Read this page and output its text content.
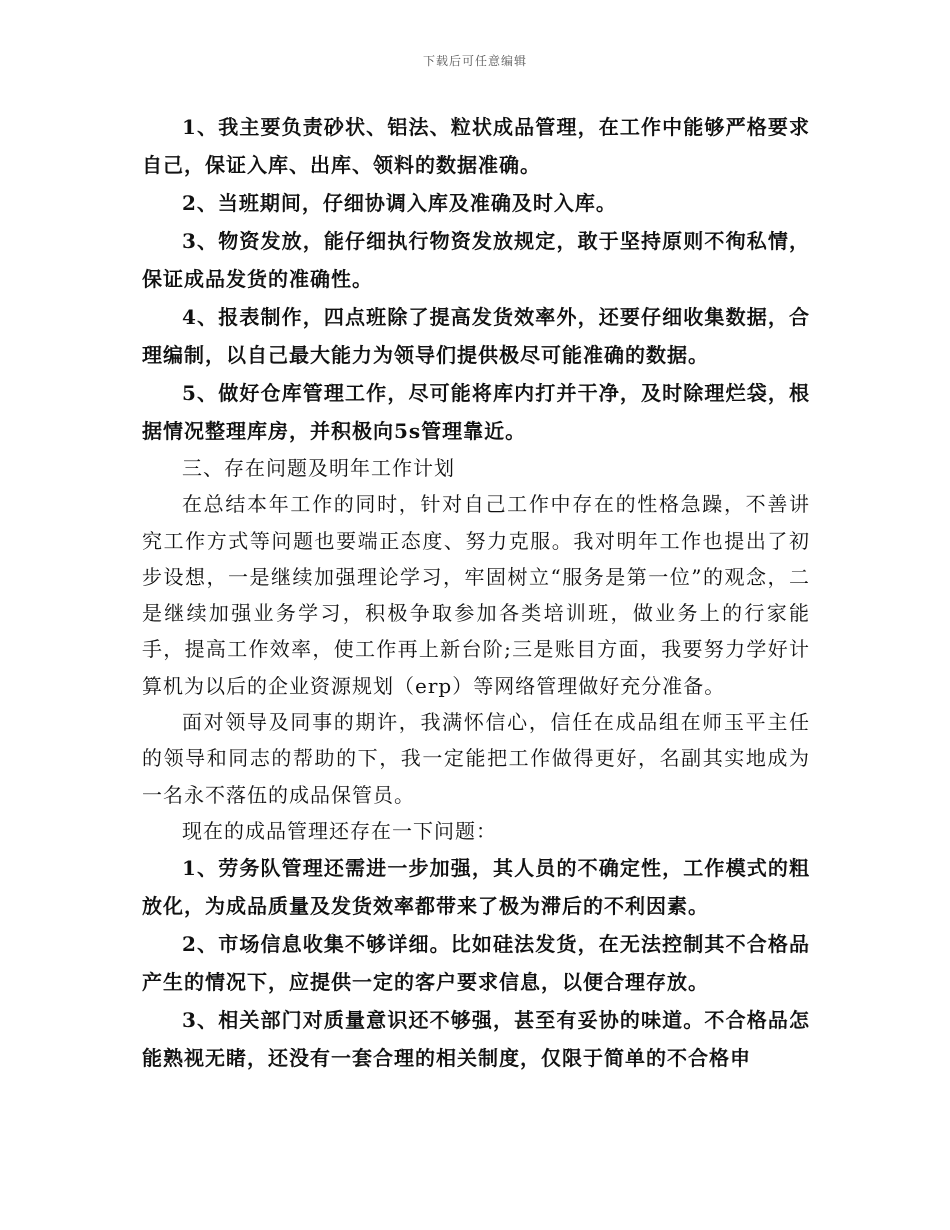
下载后可任意编辑

1、我主要负责砂状、铝法、粒状成品管理，在工作中能够严格要求自己，保证入库、出库、领料的数据准确。

2、当班期间，仔细协调入库及准确及时入库。

3、物资发放，能仔细执行物资发放规定，敢于坚持原则不徇私情，保证成品发货的准确性。

4、报表制作，四点班除了提高发货效率外，还要仔细收集数据，合理编制，以自己最大能力为领导们提供极尽可能准确的数据。

5、做好仓库管理工作，尽可能将库内打并干净，及时除理烂袋，根据情况整理库房，并积极向5s管理靠近。

三、存在问题及明年工作计划

在总结本年工作的同时，针对自己工作中存在的性格急躁，不善讲究工作方式等问题也要端正态度、努力克服。我对明年工作也提出了初步设想，一是继续加强理论学习，牢固树立“服务是第一位”的观念，二是继续加强业务学习，积极争取参加各类培训班，做业务上的行家能手，提高工作效率，使工作再上新台阶;三是账目方面，我要努力学好计算机为以后的企业资源规划（erp）等网络管理做好充分准备。

面对领导及同事的期许，我满怀信心，信任在成品组在师玉平主任的领导和同志的帮助的下，我一定能把工作做得更好，名副其实地成为一名永不落伍的成品保管员。

现在的成品管理还存在一下问题：

1、劳务队管理还需进一步加强，其人员的不确定性，工作模式的粗放化，为成品质量及发货效率都带来了极为滞后的不利因素。

2、市场信息收集不够详细。比如硅法发货，在无法控制其不合格品产生的情况下，应提供一定的客户要求信息，以便合理存放。

3、相关部门对质量意识还不够强，甚至有妥协的味道。不合格品怎能熟视无睹，还没有一套合理的相关制度，仅限于简单的不合格申
